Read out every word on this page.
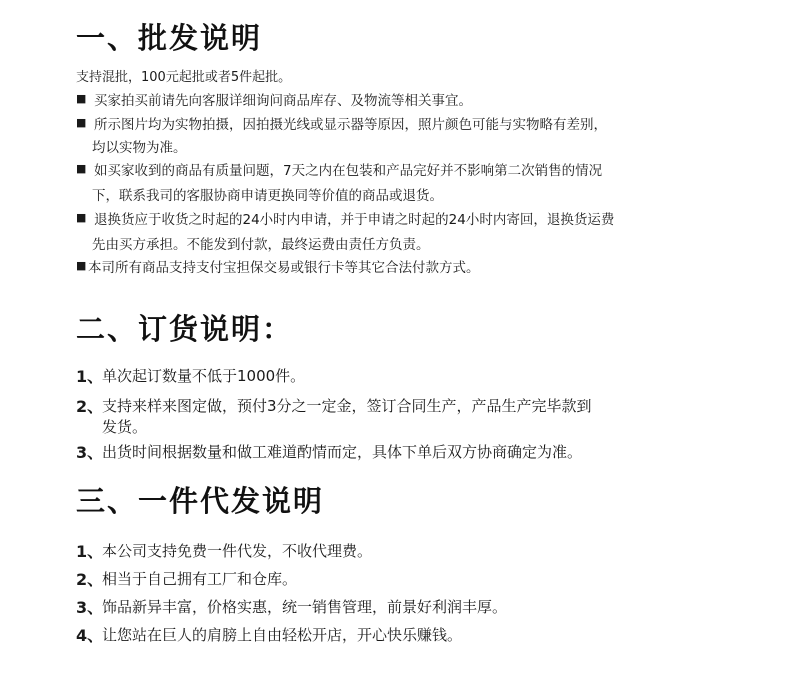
一、批发说明
支持混批，100元起批或者5件起批。
■ 买家拍买前请先向客服详细询问商品库存、及物流等相关事宜。
■ 所示图片均为实物拍摄，因拍摄光线或显示器等原因，照片颜色可能与实物略有差别，
均以实物为准。
■ 如买家收到的商品有质量问题，7天之内在包装和产品完好并不影响第二次销售的情况
下，联系我司的客服协商申请更换同等价值的商品或退货。
■ 退换货应于收货之时起的24小时内申请，并于申请之时起的24小时内寄回，退换货运费
先由买方承担。不能发到付款，最终运费由责任方负责。
■ 本司所有商品支持支付宝担保交易或银行卡等其它合法付款方式。
二、订货说明：
1、
单次起订数量不低于1000件。
2、
支持来样来图定做，预付3分之一定金，签订合同生产，产品生产完毕款到
发货。
3、
出货时间根据数量和做工难道酌情而定，具体下单后双方协商确定为准。
三、一件代发说明
1、
本公司支持免费一件代发，不收代理费。
2、
相当于自己拥有工厂和仓库。
3、
饰品新异丰富，价格实惠，统一销售管理，前景好利润丰厚。
4、
让您站在巨人的肩膀上自由轻松开店，开心快乐赚钱。
